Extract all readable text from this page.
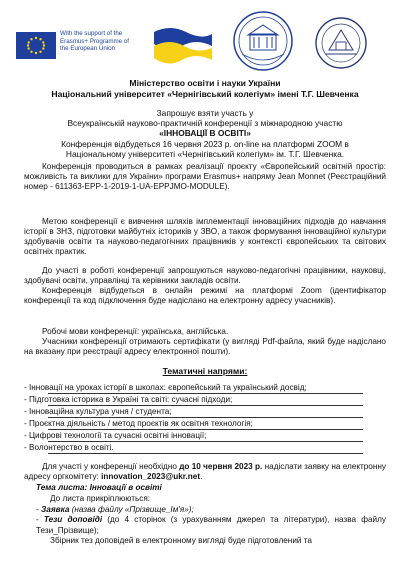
With the support of the Erasmus+ Programme of the European Union
Міністерство освіти і науки України
Національний університет «Чернігівський колегіум» імені Т.Г. Шевченка
Запрошує взяти участь у
Всеукраїнській науково-практичній конференції з міжнародною участю
«ІННОВАЦІЇ В ОСВІТІ»
Конференція відбудеться 16 червня 2023 р. on-line на платформі ZOOM в
Національному університеті «Чернігівський колегіум» ім. Т.Г. Шевченка.
Конференція проводиться в рамках реалізації проєкту «Європейський освітній простір: можливість та виклики для України» програми Erasmus+ напряму Jean Monnet (Реєстраційний номер - 611363-EPP-1-2019-1-UA-EPPJMO-MODULE).
Метою конференції є вивчення шляхів імплементації інноваційних підходів до навчання історії в ЗНЗ, підготовки майбутніх істориків у ЗВО, а також формування інноваційної культури здобувачів освіти та науково-педагогічних працівників у контексті європейських та світових освітніх практик.
До участі в роботі конференції запрошуються науково-педагогічні працівники, науковці, здобувачі освіти, управлінці та керівники закладів освіти.
Конференція відбудеться в онлайн режимі на платформі Zoom (ідентифікатор конференції та код підключення буде надіслано на електронну адресу учасників).
Робочі мови конференції: українська, англійська.
Учасники конференції отримають сертифікати (у вигляді Pdf-файла, який буде надіслано на вказану при реєстрації адресу електронної пошти).
Тематичні напрями:
- Інновації на уроках історії в школах: європейський та український досвід;
- Підготовка історика в Україні та світі: сучасні підходи;
- Інноваційна культура учня / студента;
- Проєктна діяльність / метод проєктів як освітня технологія;
- Цифрові технології та сучасні освітні інновації;
- Волонтерство в освіті.
Для участі у конференції необхідно до 10 червня 2023 р. надіслати заявку на електронну адресу оргкомітету: innovation_2023@ukr.net.
Тема листа: Інновації в освіті
До листа прикріплюються:
- Заявка (назва файлу «Прізвище_Ім'я»);
- Тези доповіді (до 4 сторінок (з урахуванням джерел та літератури), назва файлу Тези_Прізвище);
Збірник тез доповідей в електронному вигляді буде підготовлений та
